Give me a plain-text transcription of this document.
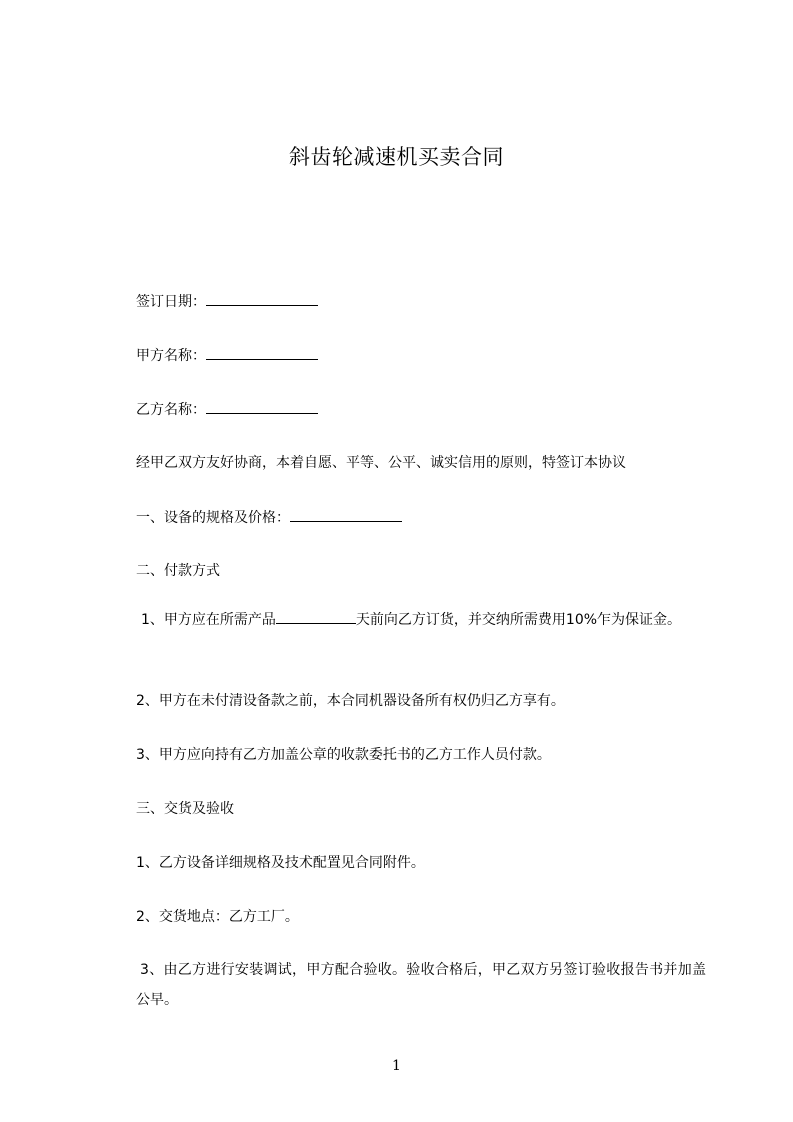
斜齿轮减速机买卖合同
签订日期：
甲方名称：
乙方名称：
经甲乙双方友好协商，本着自愿、平等、公平、诚实信用的原则，特签订本协议
一、设备的规格及价格：
二、付款方式
1、甲方应在所需产品	天前向乙方订货，并交纳所需费用10%乍为保证金。
2、甲方在未付清设备款之前，本合同机器设备所有权仍归乙方享有。
3、甲方应向持有乙方加盖公章的收款委托书的乙方工作人员付款。
三、交货及验收
1、乙方设备详细规格及技术配置见合同附件。
2、交货地点：乙方工厂。
3、由乙方进行安装调试，甲方配合验收。验收合格后，甲乙双方另签订验收报告书并加盖公早。
1
